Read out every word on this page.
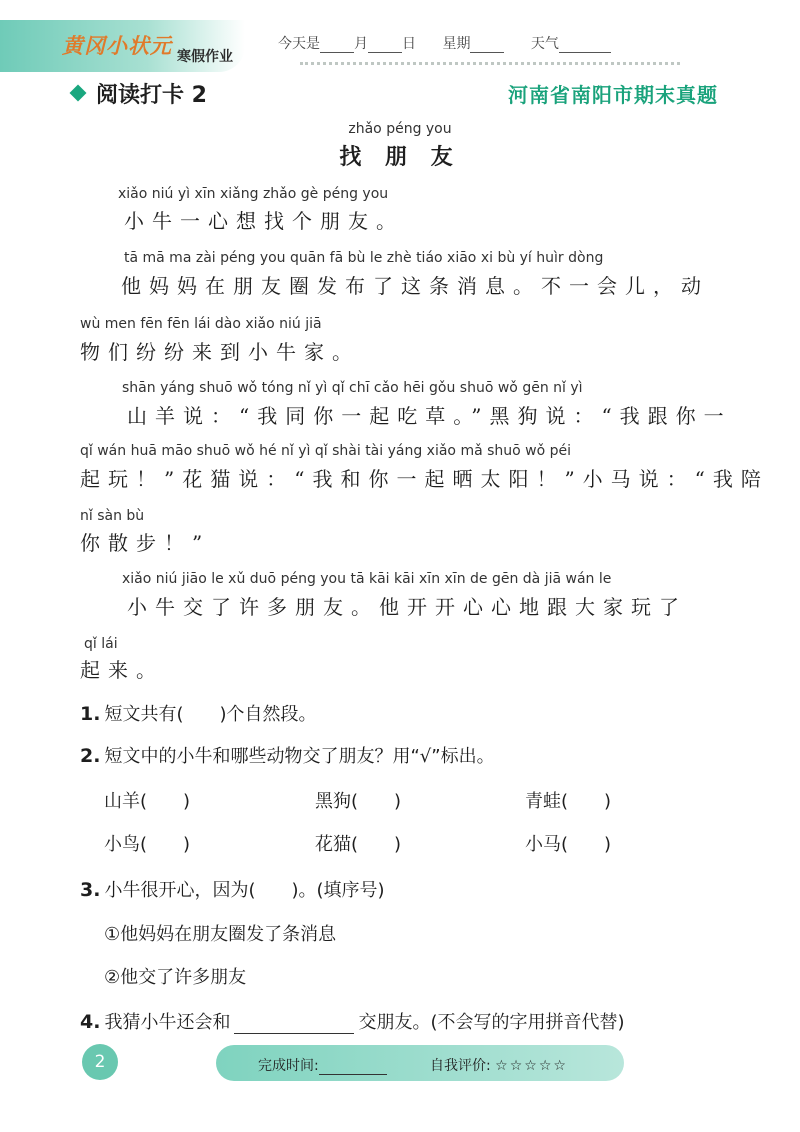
黄冈小状元 寒假作业
今天是 月 日 星期	天气
阅读打卡 2	河南省南阳市期末真题
zhǎo péng you
找 朋 友
xiǎo niú yì xīn xiǎng zhǎo gè péng you
小牛一心想找个朋友。
tā mā ma zài péng you quān fā bù le zhè tiáo xiāo xi bù yí huìr dòng
他妈妈在朋友圈发布了这条消息。不一会儿，动
wù men fēn fēn lái dào xiǎo niú jiā
物们纷纷来到小牛家。
shān yáng shuō wǒ tóng nǐ yì qǐ chī cǎo hēi gǒu shuō wǒ gēn nǐ yì
山羊说：“我同你一起吃草。”黑狗说：“我跟你一
qǐ wán huā māo shuō wǒ hé nǐ yì qǐ shài tài yáng xiǎo mǎ shuō wǒ péi
起玩！”花猫说：“我和你一起晒太阳！”小马说：“我陪
nǐ sàn bù
你散步！”
xiǎo niú jiāo le xǔ duō péng you tā kāi kāi xīn xīn de gēn dà jiā wán le
小牛交了许多朋友。他开开心心地跟大家玩了
qǐ lái
起来。
1. 短文共有(　　)个自然段。
2. 短文中的小牛和哪些动物交了朋友？用“√”标出。
山羊(　　)	黑狗(　　)	青蛙(　　)
小鸟(　　)	花猫(　　)	小马(　　)
3. 小牛很开心，因为(　　)。(填序号)
①他妈妈在朋友圈发了条消息
②他交了许多朋友
4. 我猜小牛还会和	交朋友。(不会写的字用拼音代替)
2	完成时间:	自我评价: ☆☆☆☆☆
